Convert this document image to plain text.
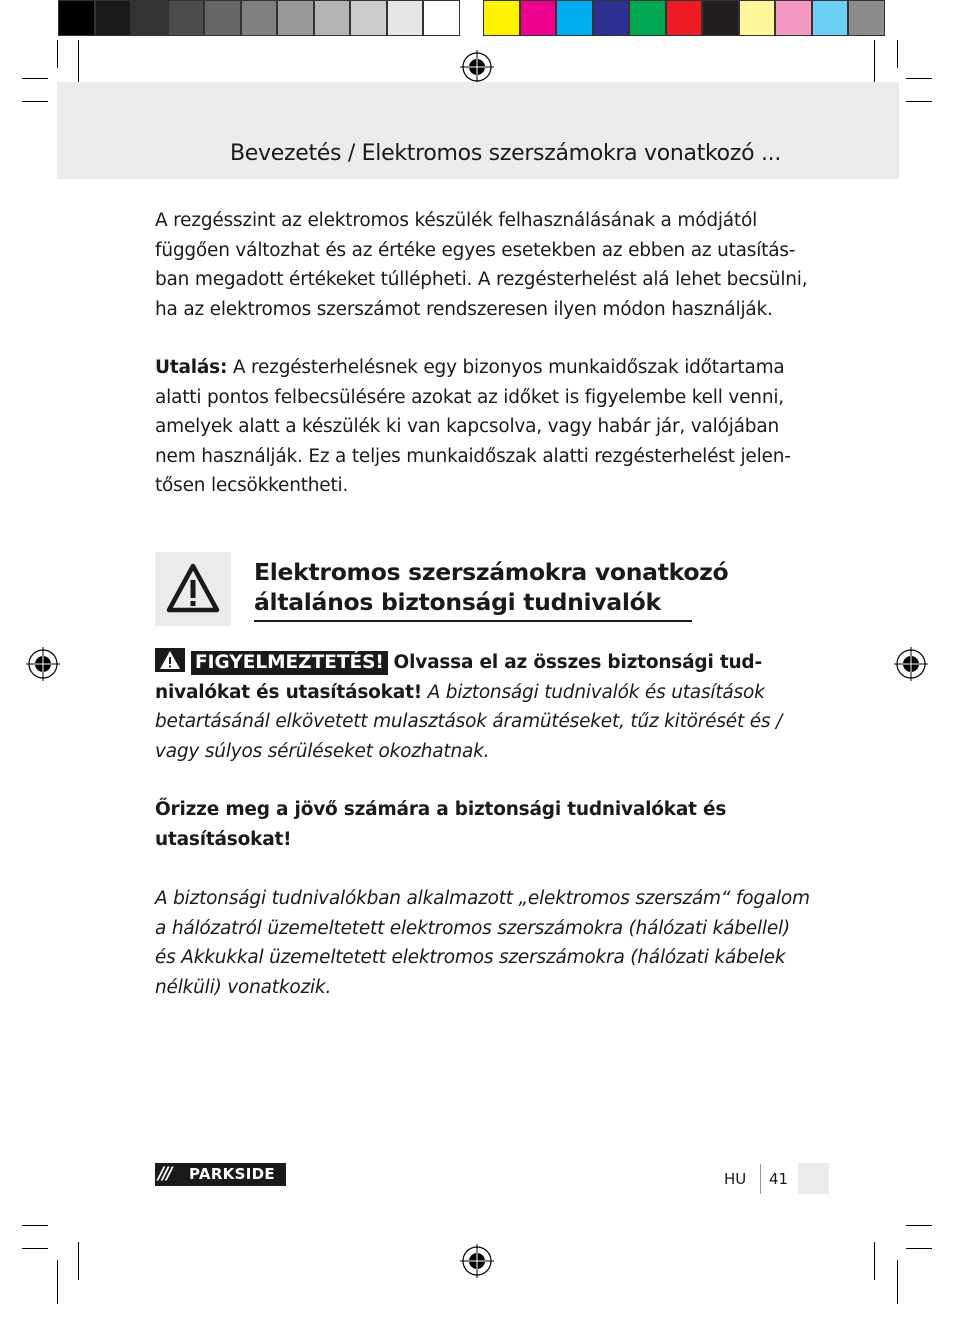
Bevezetés / Elektromos szerszámokra vonatkozó ...
A rezgésszint az elektromos készülék felhasználásának a módjától
függően változhat és az értéke egyes esetekben az ebben az utasítás-
ban megadott értékeket túllépheti. A rezgésterhelést alá lehet becsülni,
ha az elektromos szerszámot rendszeresen ilyen módon használják.
Utalás: A rezgésterhelésnek egy bizonyos munkaidőszak időtartama
alatti pontos felbecsülésére azokat az időket is figyelembe kell venni,
amelyek alatt a készülék ki van kapcsolva, vagy habár jár, valójában
nem használják. Ez a teljes munkaidőszak alatti rezgésterhelést jelen-
tősen lecsökkentheti.
Elektromos szerszámokra vonatkozó
általános biztonsági tudnivalók
FIGYELMEZTETÉS! Olvassa el az összes biztonsági tud-
nivalókat és utasításokat! A biztonsági tudnivalók és utasítások
betartásánál elkövetett mulasztások áramütéseket, tűz kitörését és /
vagy súlyos sérüléseket okozhatnak.
Őrizze meg a jövő számára a biztonsági tudnivalókat és
utasításokat!
A biztonsági tudnivalókban alkalmazott „elektromos szerszám“ fogalom
a hálózatról üzemeltetett elektromos szerszámokra (hálózati kábellel)
és Akkukkal üzemeltetett elektromos szerszámokra (hálózati kábelek
nélküli) vonatkozik.
/// PARKSIDE	HU 41
